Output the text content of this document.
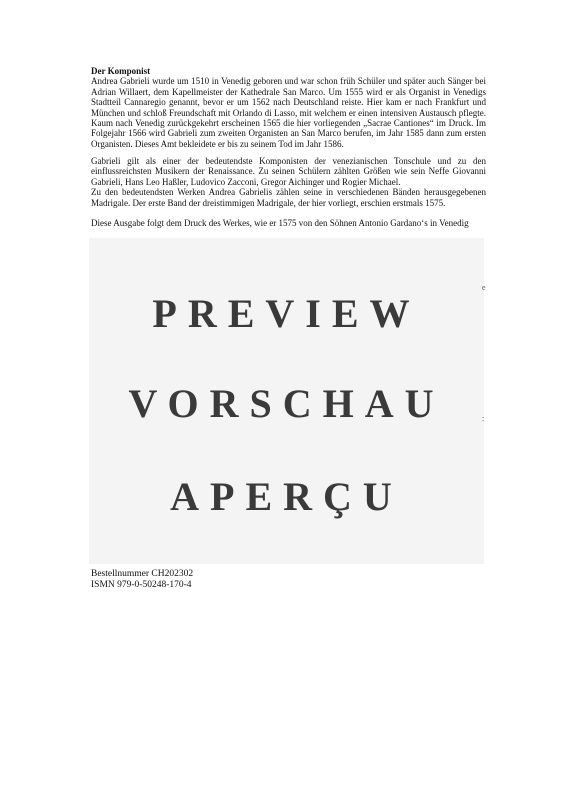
Der Komponist

Andrea Gabrieli wurde um 1510 in Venedig geboren und war schon früh Schüler und später auch Sänger bei Adrian Willaert, dem Kapellmeister der Kathedrale San Marco. Um 1555 wird er als Organist in Venedigs Stadtteil Cannaregio genannt, bevor er um 1562 nach Deutschland reiste. Hier kam er nach Frankfurt und München und schloß Freundschaft mit Orlando di Lasso, mit welchem er einen intensiven Austausch pflegte. Kaum nach Venedig zurückgekehrt erscheinen 1565 die hier vorliegenden „Sacrae Cantiones“ im Druck. Im Folgejahr 1566 wird Gabrieli zum zweiten Organisten an San Marco berufen, im Jahr 1585 dann zum ersten Organisten. Dieses Amt bekleidete er bis zu seinem Tod im Jahr 1586.

Gabrieli gilt als einer der bedeutendste Komponisten der venezianischen Tonschule und zu den einflussreichsten Musikern der Renaissance. Zu seinen Schülern zählten Größen wie sein Neffe Giovanni Gabrieli, Hans Leo Haßler, Ludovico Zacconi, Gregor Aichinger und Rogier Michael.

Zu den bedeutendsten Werken Andrea Gabrielis zählen seine in verschiedenen Bänden herausgegebenen Madrigale. Der erste Band der dreistimmigen Madrigale, der hier vorliegt, erschien erstmals 1575.

Diese Ausgabe folgt dem Druck des Werkes, wie er 1575 von den Söhnen Antonio Gardano‘s in Venedig

PREVIEW
VORSCHAU
APERÇU
e
:
Bestellnummer CH202302
ISMN 979-0-50248-170-4
